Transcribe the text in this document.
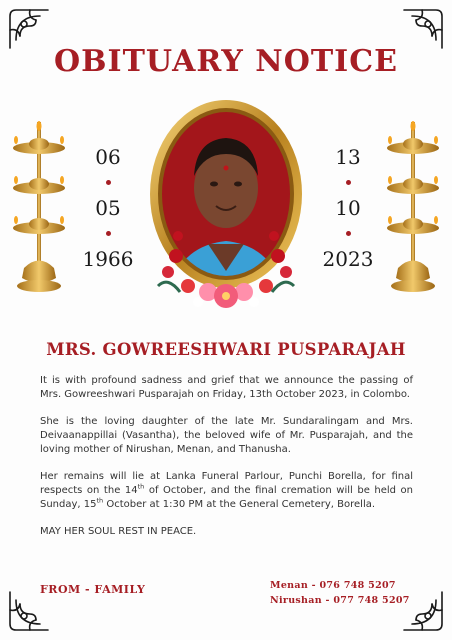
OBITUARY NOTICE
06
05
1966
13
10
2023
MRS. GOWREESHWARI PUSPARAJAH

It is with profound sadness and grief that we announce the passing of Mrs. Gowreeshwari Pusparajah on Friday, 13th October 2023, in Colombo.

She is the loving daughter of the late Mr. Sundaralingam and Mrs. Deivaanappillai (Vasantha), the beloved wife of Mr. Pusparajah, and the loving mother of Nirushan, Menan, and Thanusha.

Her remains will lie at Lanka Funeral Parlour, Punchi Borella, for final respects on the 14th of October, and the final cremation will be held on Sunday, 15th October at 1:30 PM at the General Cemetery, Borella.

MAY HER SOUL REST IN PEACE.

FROM - FAMILY	Menan - 076 748 5207
Nirushan - 077 748 5207
